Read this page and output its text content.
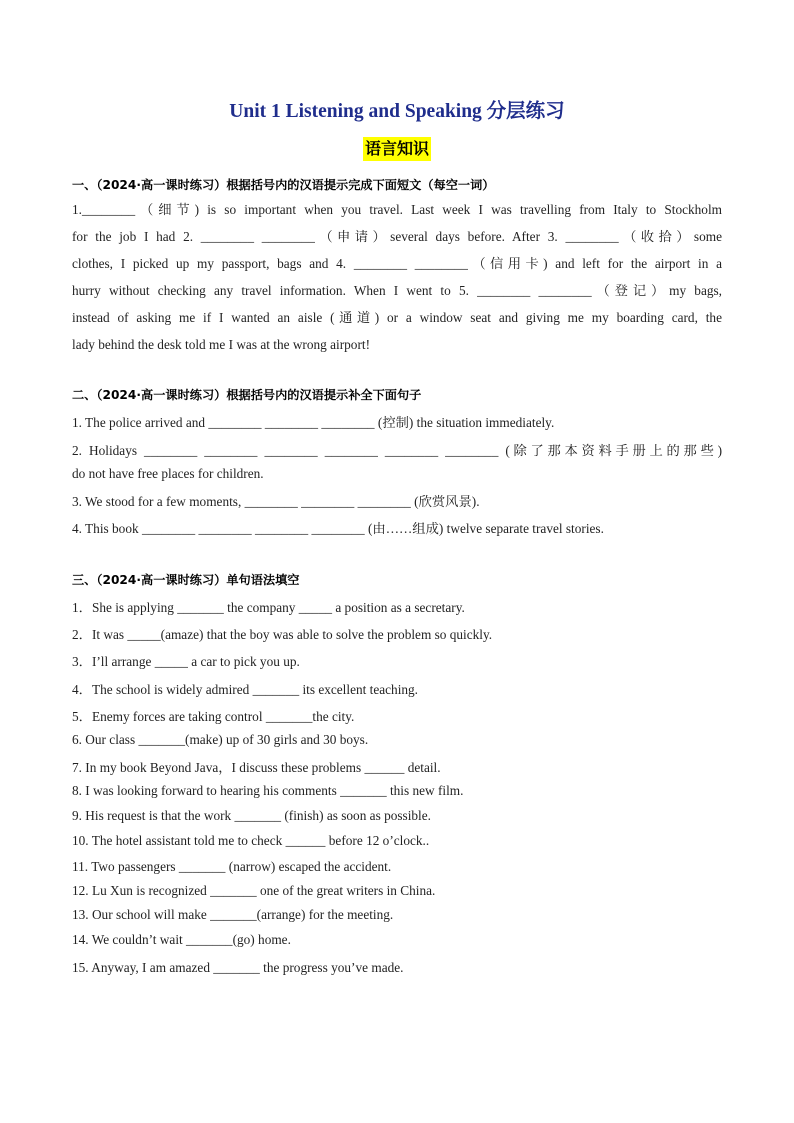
Unit 1 Listening and Speaking 分层练习
语言知识
一、（2024·高一课时练习）根据括号内的汉语提示完成下面短文（每空一词）
1.________（细节) is so important when you travel. Last week I was travelling from Italy to Stockholm
for the job I had 2. ________ ________（申请）several days before. After 3. ________（收拾）some
clothes, I picked up my passport, bags and 4. ________ ________（信用卡) and left for the airport in a
hurry without checking any travel information. When I went to 5. ________ ________（登记）my bags,
instead of asking me if I wanted an aisle (通道) or a window seat and giving me my boarding card, the
lady behind the desk told me I was at the wrong airport!
二、（2024·高一课时练习）根据括号内的汉语提示补全下面句子
1. The police arrived and ________ ________ ________ (控制) the situation immediately.
2. Holidays ________ ________ ________ ________ ________ ________ (除了那本资料手册上的那些)
do not have free places for children.
3. We stood for a few moments, ________ ________ ________ (欣赏风景).
4. This book ________ ________ ________ ________ (由……组成) twelve separate travel stories.
三、（2024·高一课时练习）单句语法填空
1．She is applying _______ the company _____ a position as a secretary.
2．It was _____(amaze) that the boy was able to solve the problem so quickly.
3．I’ll arrange _____ a car to pick you up.
4．The school is widely admired _______ its excellent teaching.
5．Enemy forces are taking control _______the city.
6. Our class _______(make) up of 30 girls and 30 boys.
7. In my book Beyond Java，I discuss these problems ______ detail.
8. I was looking forward to hearing his comments _______ this new film.
9. His request is that the work _______ (finish) as soon as possible.
10. The hotel assistant told me to check ______ before 12 o’clock..
11. Two passengers _______ (narrow) escaped the accident.
12. Lu Xun is recognized _______ one of the great writers in China.
13. Our school will make _______(arrange) for the meeting.
14. We couldn’t wait _______(go) home.
15. Anyway, I am amazed _______ the progress you’ve made.
